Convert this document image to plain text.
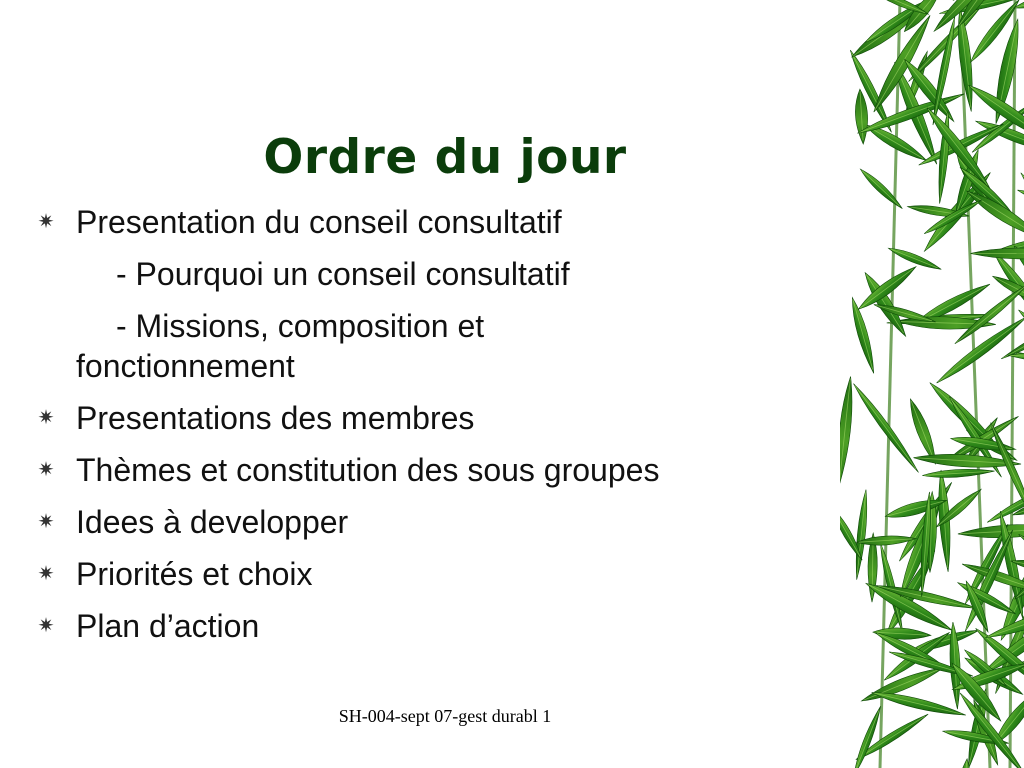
Ordre du jour
✷ Presentation du conseil consultatif
- Pourquoi un conseil consultatif
- Missions, composition et
fonctionnement
✷ Presentations des membres
✷ Thèmes et constitution des sous groupes
✷ Idees à developper
✷ Priorités et choix
✷ Plan d’action
SH-004-sept 07-gest durabl 1
